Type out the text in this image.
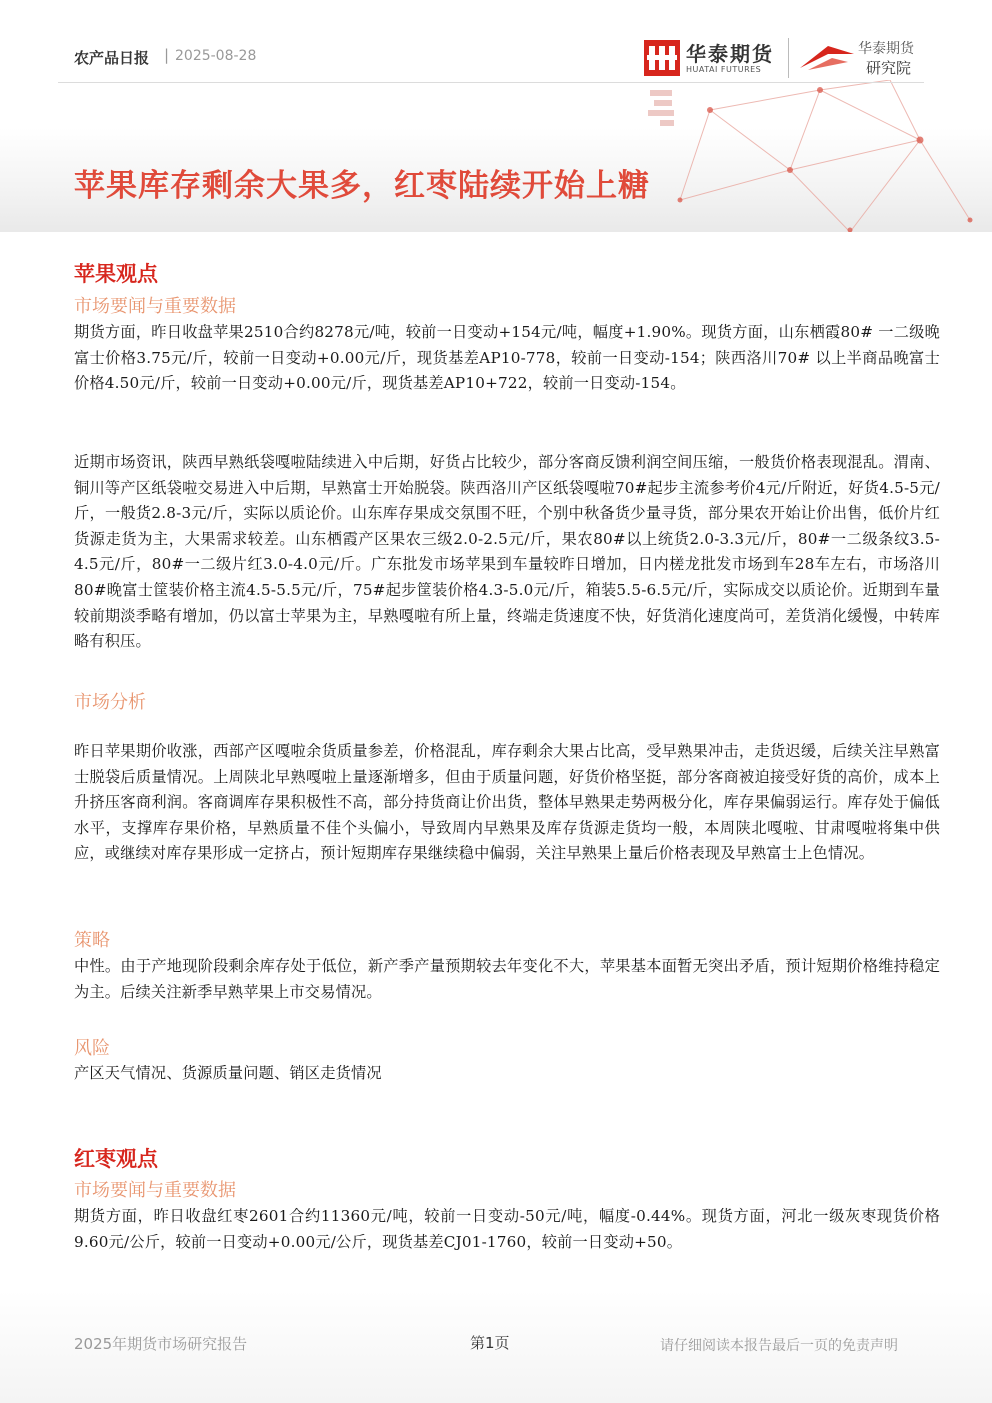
农产品日报 | 2025-08-28	华泰期货
HUATAI FUTURES
华泰期货
研究院
苹果库存剩余大果多，红枣陆续开始上糖
苹果观点
市场要闻与重要数据
期货方面，昨日收盘苹果2510合约8278元/吨，较前一日变动+154元/吨，幅度+1.90%。现货方面，山东栖霞80# 一二级晚富士价格3.75元/斤，较前一日变动+0.00元/斤，现货基差AP10-778，较前一日变动-154；陕西洛川70# 以上半商品晚富士价格4.50元/斤，较前一日变动+0.00元/斤，现货基差AP10+722，较前一日变动-154。
近期市场资讯，陕西早熟纸袋嘎啦陆续进入中后期，好货占比较少，部分客商反馈利润空间压缩，一般货价格表现混乱。渭南、铜川等产区纸袋啦交易进入中后期，早熟富士开始脱袋。陕西洛川产区纸袋嘎啦70#起步主流参考价4元/斤附近，好货4.5-5元/斤，一般货2.8-3元/斤，实际以质论价。山东库存果成交氛围不旺，个别中秋备货少量寻货，部分果农开始让价出售，低价片红货源走货为主，大果需求较差。山东栖霞产区果农三级2.0-2.5元/斤，果农80#以上统货2.0-3.3元/斤，80#一二级条纹3.5-4.5元/斤，80#一二级片红3.0-4.0元/斤。广东批发市场苹果到车量较昨日增加，日内槎龙批发市场到车28车左右，市场洛川80#晚富士筐装价格主流4.5-5.5元/斤，75#起步筐装价格4.3-5.0元/斤，箱装5.5-6.5元/斤，实际成交以质论价。近期到车量较前期淡季略有增加，仍以富士苹果为主，早熟嘎啦有所上量，终端走货速度不快，好货消化速度尚可，差货消化缓慢，中转库略有积压。
市场分析
昨日苹果期价收涨，西部产区嘎啦余货质量参差，价格混乱，库存剩余大果占比高，受早熟果冲击，走货迟缓，后续关注早熟富士脱袋后质量情况。上周陕北早熟嘎啦上量逐渐增多，但由于质量问题，好货价格坚挺，部分客商被迫接受好货的高价，成本上升挤压客商利润。客商调库存果积极性不高，部分持货商让价出货，整体早熟果走势两极分化，库存果偏弱运行。库存处于偏低水平，支撑库存果价格，早熟质量不佳个头偏小，导致周内早熟果及库存货源走货均一般，本周陕北嘎啦、甘肃嘎啦将集中供应，或继续对库存果形成一定挤占，预计短期库存果继续稳中偏弱，关注早熟果上量后价格表现及早熟富士上色情况。
策略
中性。由于产地现阶段剩余库存处于低位，新产季产量预期较去年变化不大，苹果基本面暂无突出矛盾，预计短期价格维持稳定为主。后续关注新季早熟苹果上市交易情况。
风险
产区天气情况、货源质量问题、销区走货情况
红枣观点
市场要闻与重要数据
期货方面，昨日收盘红枣2601合约11360元/吨，较前一日变动-50元/吨，幅度-0.44%。现货方面，河北一级灰枣现货价格9.60元/公斤，较前一日变动+0.00元/公斤，现货基差CJ01-1760，较前一日变动+50。
2025年期货市场研究报告	第1页	请仔细阅读本报告最后一页的免责声明
